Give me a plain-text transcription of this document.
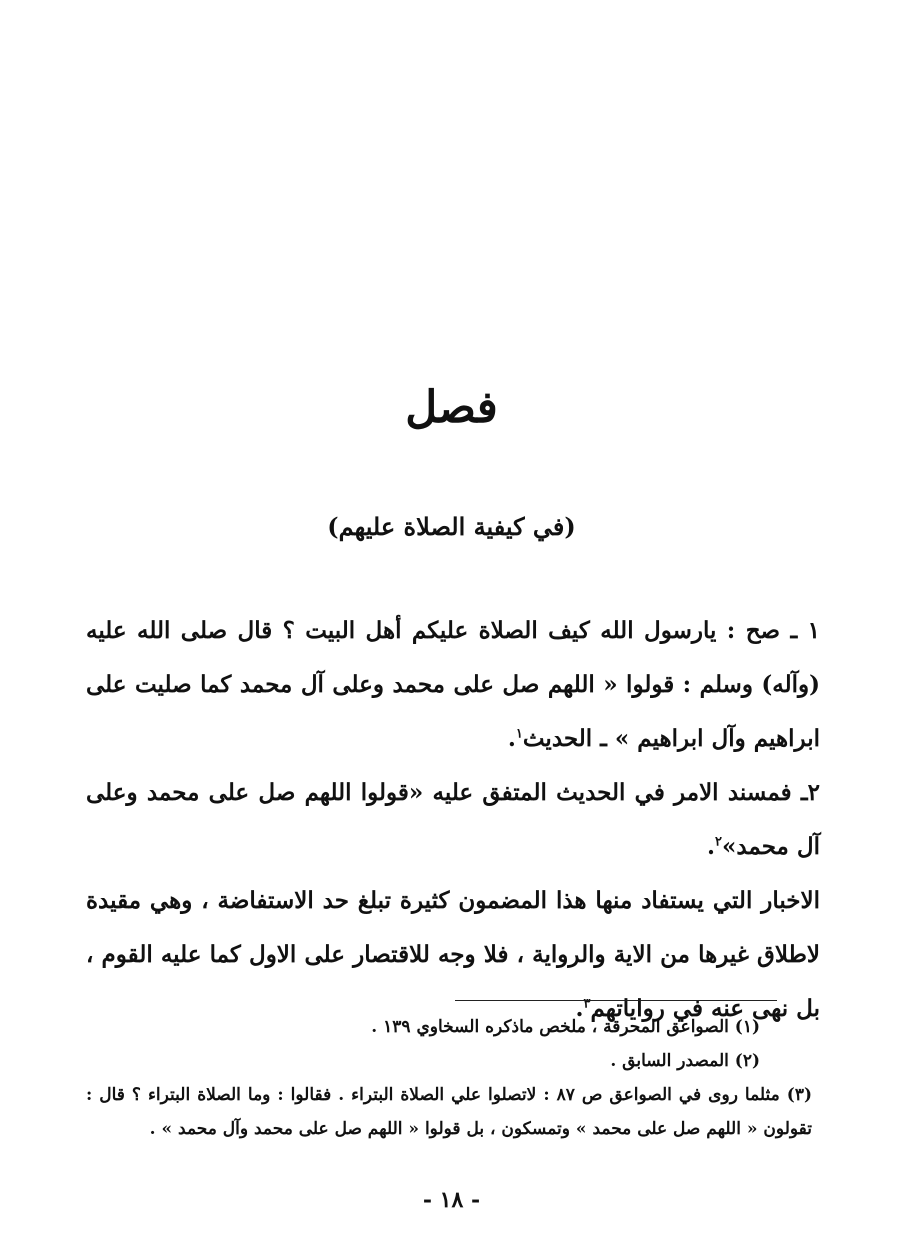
فصل
(في كيفية الصلاة عليهم)

١ ـ صح : يارسول الله كيف الصلاة عليكم أهل البيت ؟ قال صلى الله عليه (وآله) وسلم : قولوا « اللهم صل على محمد وعلى آل محمد كما صليت على ابراهيم وآل ابراهيم » ـ الحديث$^١$.

٢ـ فمسند الامر في الحديث المتفق عليه «قولوا اللهم صل على محمد وعلى آل محمد»$^٢$.

الاخبار التي يستفاد منها هذا المضمون كثيرة تبلغ حد الاستفاضة ، وهي مقيدة لاطلاق غيرها من الاية والرواية ، فلا وجه للاقتصار على الاول كما عليه القوم ، بل نهى عنه في رواياتهم$^٣$.

(١) الصواعق المحرقة ، ملخص ماذكره السخاوي ١٣٩ .

(٢) المصدر السابق .

(٣) مثلما روى في الصواعق ص ٨٧ : لاتصلوا علي الصلاة البتراء . فقالوا : وما الصلاة البتراء ؟ قال : تقولون « اللهم صل على محمد » وتمسكون ، بل قولوا « اللهم صل على محمد وآل محمد » .

- ١٨ -
